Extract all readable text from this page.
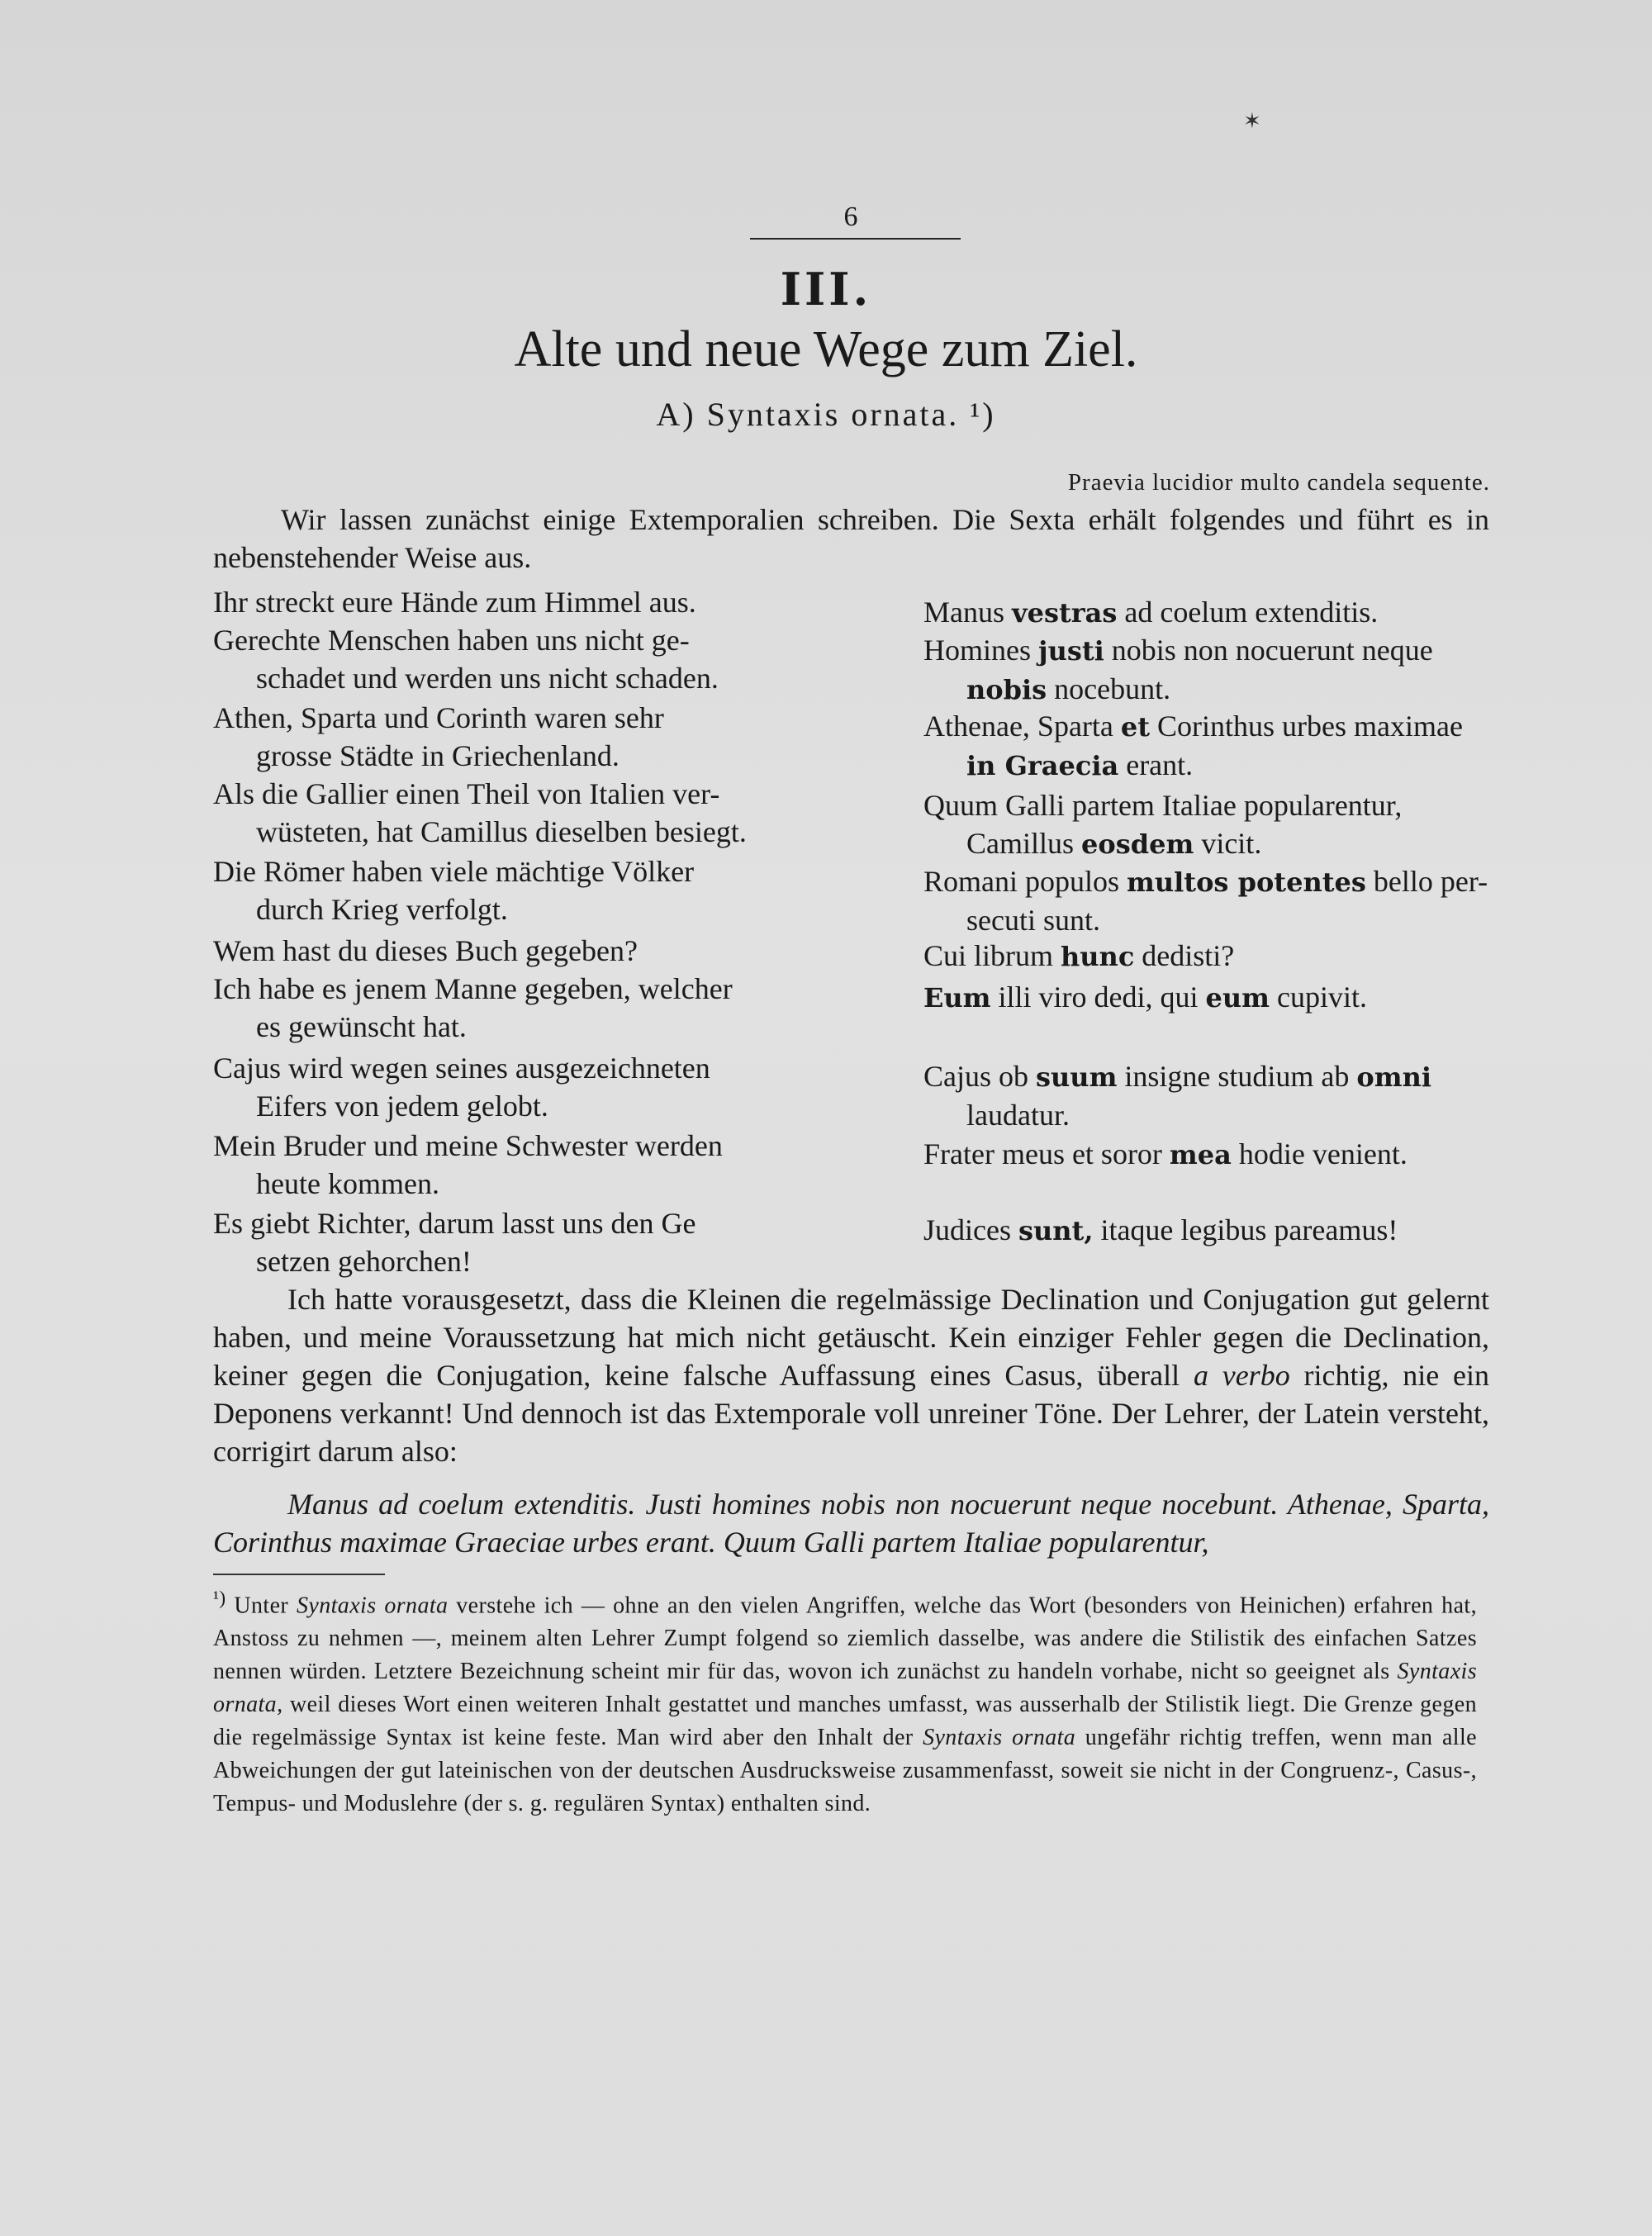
✶
6
III.
Alte und neue Wege zum Ziel.
A) Syntaxis ornata. ¹)
Praevia lucidior multo candela sequente.
Wir lassen zunächst einige Extemporalien schreiben. Die Sexta erhält folgendes und führt es in nebenstehender Weise aus.
Ihr streckt eure Hände zum Himmel aus.	Manus vestras ad coelum extenditis.
Gerechte Menschen haben uns nicht ge-
schadet und werden uns nicht schaden.
Homines justi nobis non nocuerunt neque
nobis nocebunt.
Athen, Sparta und Corinth waren sehr
grosse Städte in Griechenland.
Athenae, Sparta et Corinthus urbes maximae
in Graecia erant.
Als die Gallier einen Theil von Italien ver-
wüsteten, hat Camillus dieselben besiegt.
Quum Galli partem Italiae popularentur,
Camillus eosdem vicit.
Die Römer haben viele mächtige Völker
durch Krieg verfolgt.
Romani populos multos potentes bello per-
secuti sunt.
Wem hast du dieses Buch gegeben?	Cui librum hunc dedisti?
Ich habe es jenem Manne gegeben, welcher
es gewünscht hat.
Eum illi viro dedi, qui eum cupivit.
Cajus wird wegen seines ausgezeichneten
Eifers von jedem gelobt.
Cajus ob suum insigne studium ab omni
laudatur.
Mein Bruder und meine Schwester werden
heute kommen.
Frater meus et soror mea hodie venient.
Es giebt Richter, darum lasst uns den Ge
setzen gehorchen!
Judices sunt, itaque legibus pareamus!
Ich hatte vorausgesetzt, dass die Kleinen die regelmässige Declination und Conjugation gut gelernt haben, und meine Voraussetzung hat mich nicht getäuscht. Kein einziger Fehler gegen die Declination, keiner gegen die Conjugation, keine falsche Auffassung eines Casus, überall a verbo richtig, nie ein Deponens verkannt! Und dennoch ist das Extemporale voll unreiner Töne. Der Lehrer, der Latein versteht, corrigirt darum also:
Manus ad coelum extenditis. Justi homines nobis non nocuerunt neque nocebunt. Athenae, Sparta, Corinthus maximae Graeciae urbes erant. Quum Galli partem Italiae popularentur,
$^{^1)}$ Unter Syntaxis ornata verstehe ich — ohne an den vielen Angriffen, welche das Wort (besonders von Heinichen) erfahren hat, Anstoss zu nehmen —, meinem alten Lehrer Zumpt folgend so ziemlich dasselbe, was andere die Stilistik des einfachen Satzes nennen würden. Letztere Bezeichnung scheint mir für das, wovon ich zunächst zu handeln vorhabe, nicht so geeignet als Syntaxis ornata, weil dieses Wort einen weiteren Inhalt gestattet und manches umfasst, was ausserhalb der Stilistik liegt. Die Grenze gegen die regelmässige Syntax ist keine feste. Man wird aber den Inhalt der Syntaxis ornata ungefähr richtig treffen, wenn man alle Abweichungen der gut lateinischen von der deutschen Ausdrucksweise zusammenfasst, soweit sie nicht in der Congruenz-, Casus-, Tempus- und Moduslehre (der s. g. regulären Syntax) enthalten sind.
